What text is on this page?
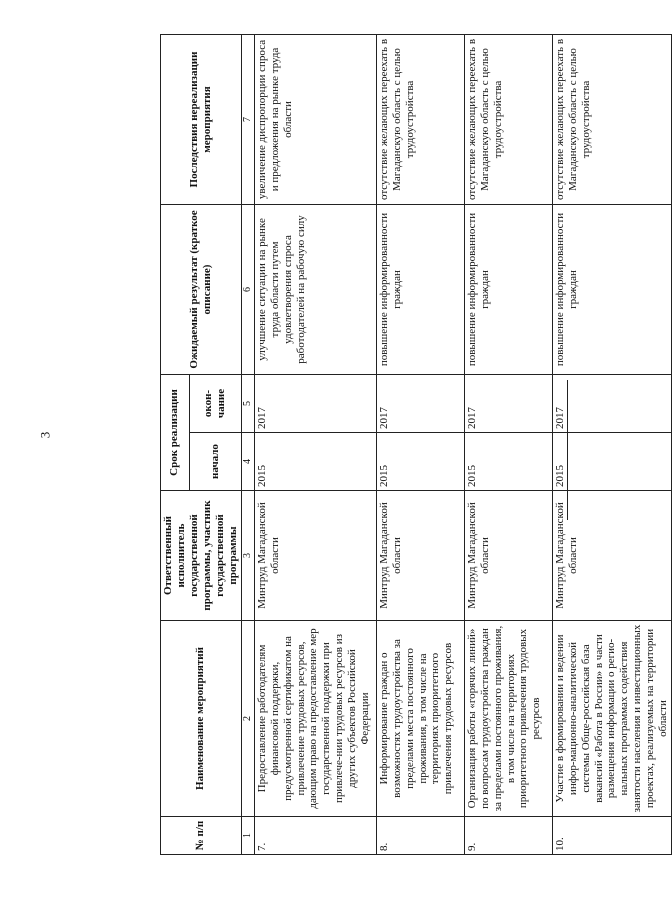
3
№ п/п	Наименование мероприятий	Ответственный исполнитель государственной программы, участник государственной программы	Срок реализации		Ожидаемый результат (краткое описание)	Последствия нереализации мероприятия
			начало	окон-чание		
1	2	3	4	5	6	7
7.	Предоставление работодателям финансовой поддержки, предусмотренной сертификатом на привлечение трудовых ресурсов, дающим право на предоставление мер государственной поддержки при привлече-нии трудовых ресурсов из других субъектов Российской Федерации	Минтруд Магаданской области	2015	2017	улучшение ситуации на рынке труда области путем удовлетворения спроса работодателей на рабочую силу	увеличение диспропорции спроса и предложения на рынке труда области
8.	Информирование граждан о возможностях трудоустройства за пределами места постоянного проживания, в том числе на территориях приоритетного привлечения трудовых ресурсов	Минтруд Магаданской области	2015	2017	повышение информированности граждан	отсутствие желающих переехать в Магаданскую область с целью трудоустройства
9.	Организация работы «горячих линий» по вопросам трудоустройства граждан за пределами постоянного проживания, в том числе на территориях приоритетного привлечения трудовых ресурсов	Минтруд Магаданской области	2015	2017	повышение информированности граждан	отсутствие желающих переехать в Магаданскую область с целью трудоустройства
10.	Участие в формировании и ведении инфор-мационно-аналитической системы Обще-российская база вакансий «Работа в России» в части размещения информации о регио-нальных программах содействия занятости населения и инвестиционных проектах, реализуемых на территории области	Минтруд Магаданской области	2015	2017	повышение информированности граждан	отсутствие желающих переехать в Магаданскую область с целью трудоустройства
